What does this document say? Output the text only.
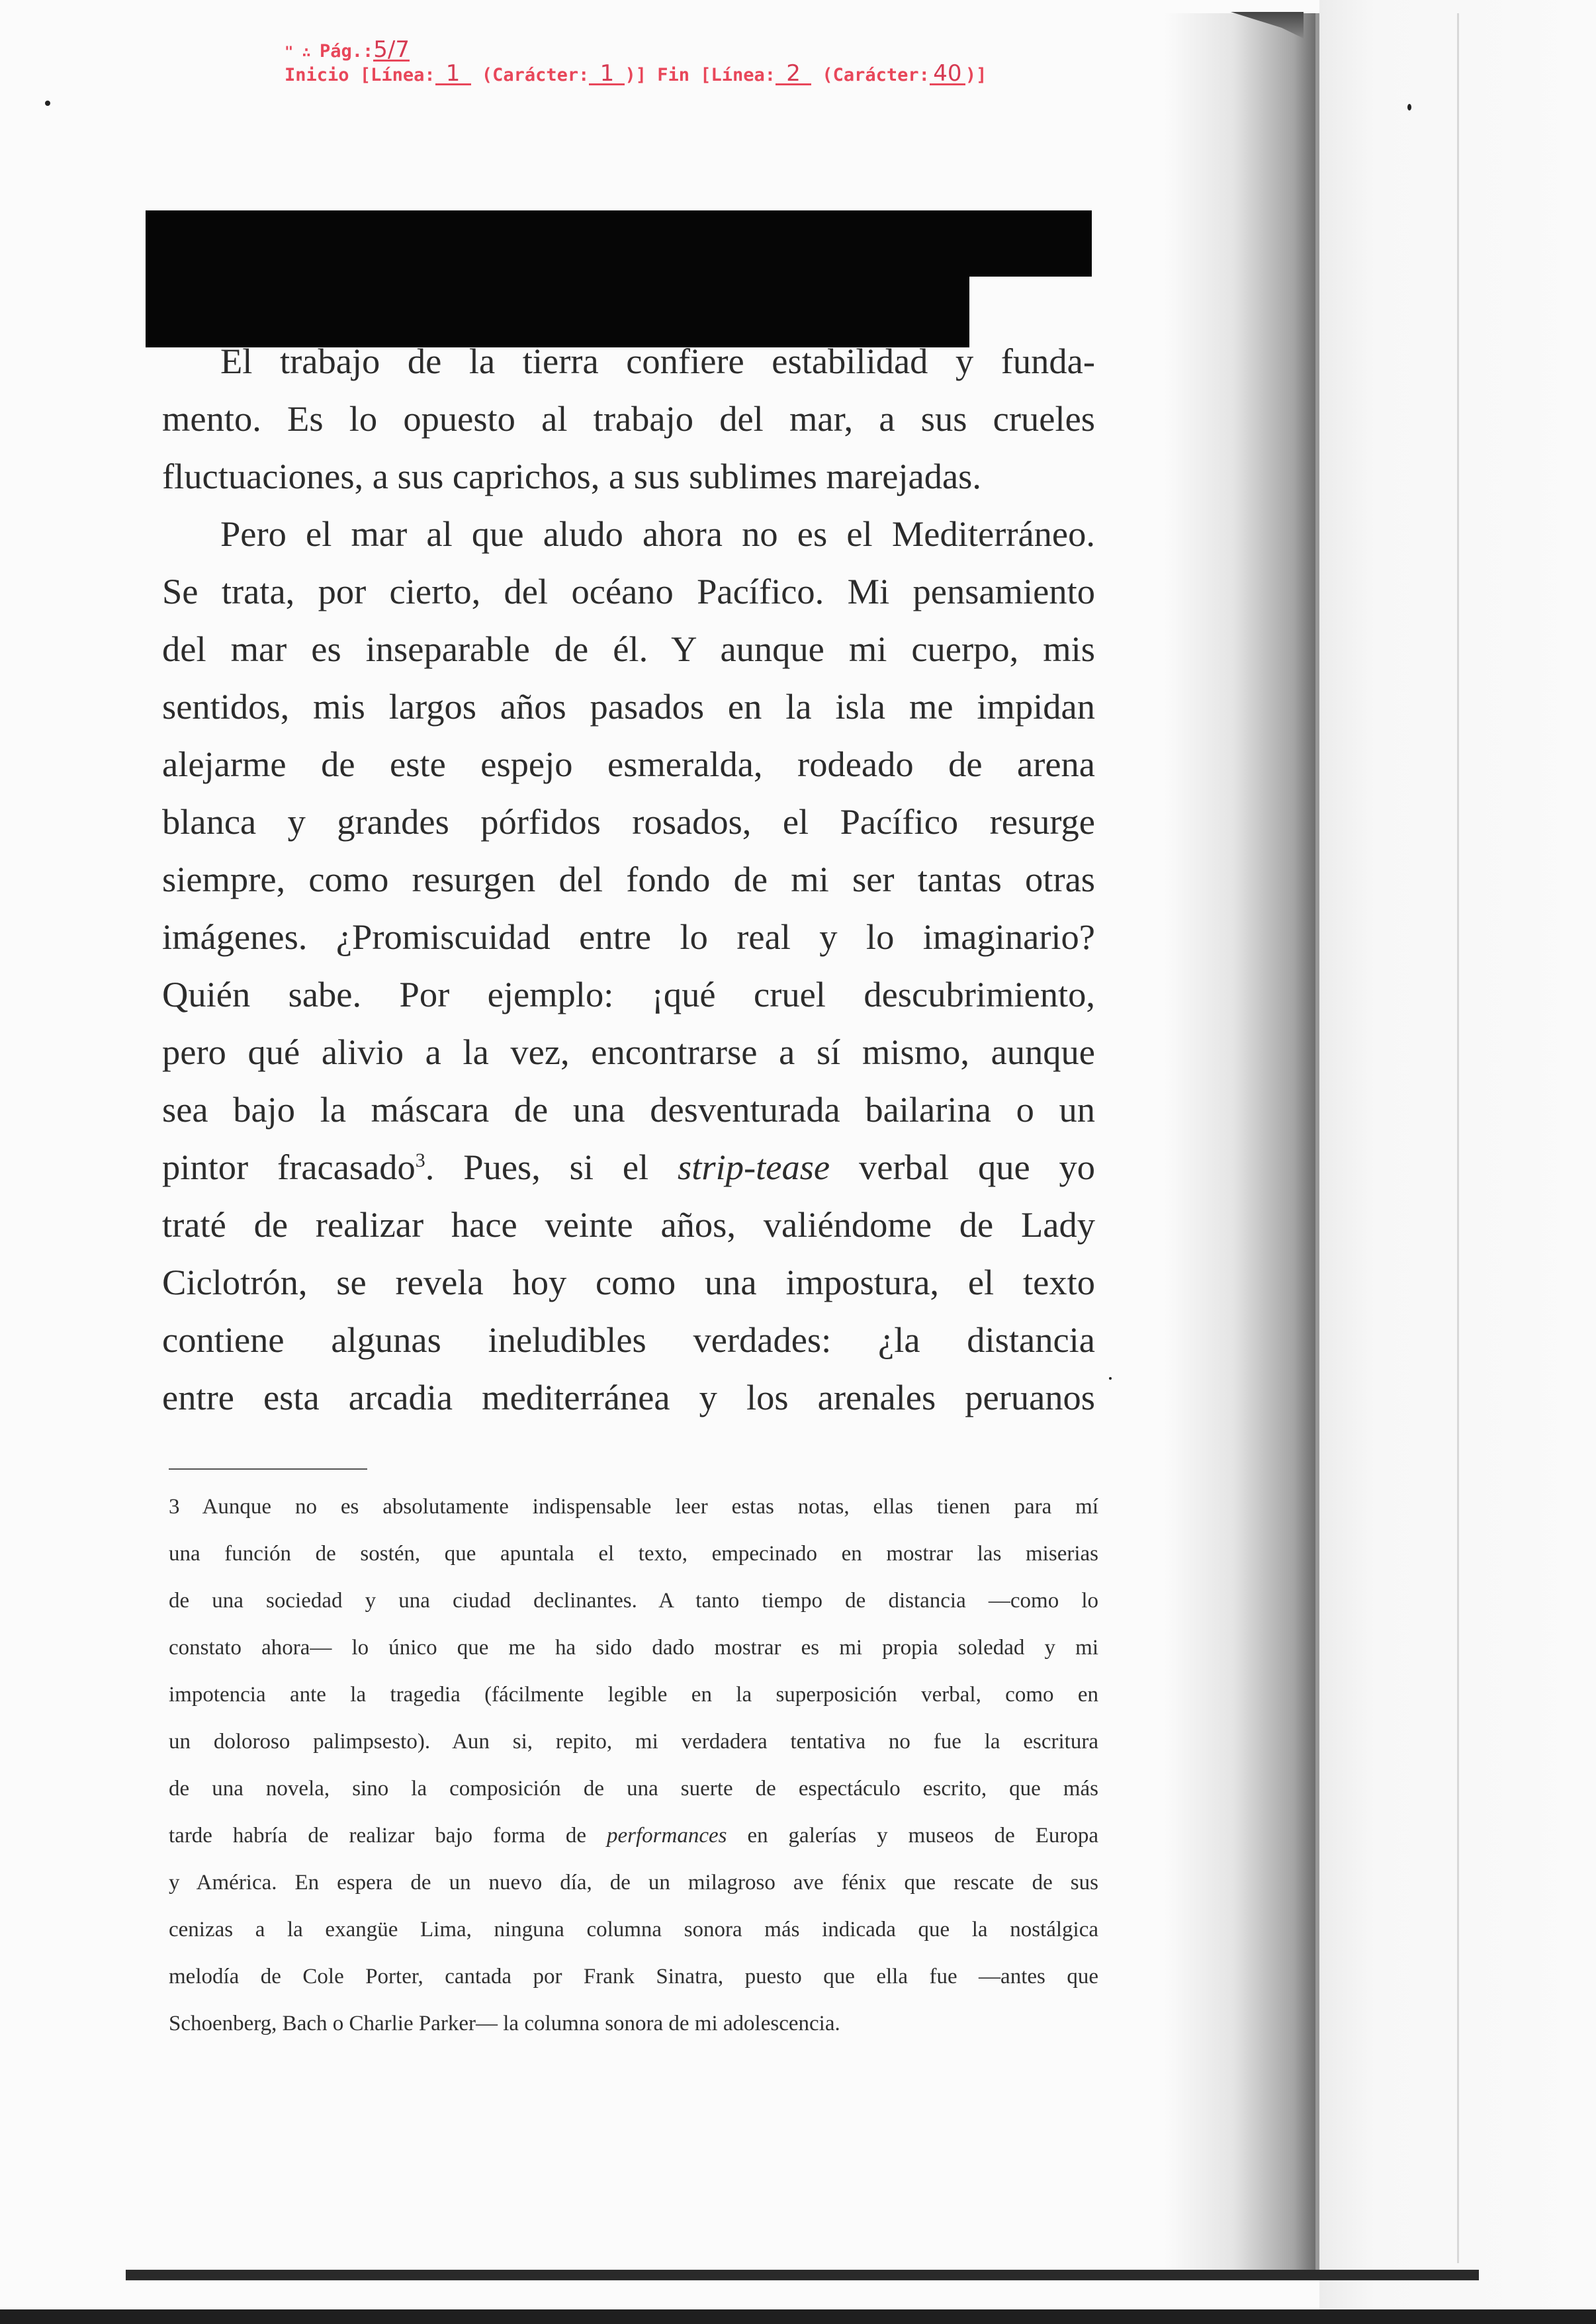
" ∴ Pág.:5/7
Inicio [Línea: 1 (Carácter: 1 )] Fin [Línea: 2 (Carácter: 40 )]
El trabajo de la tierra confiere estabilidad y funda-
mento. Es lo opuesto al trabajo del mar, a sus crueles
fluctuaciones, a sus caprichos, a sus sublimes marejadas.
Pero el mar al que aludo ahora no es el Mediterráneo.
Se trata, por cierto, del océano Pacífico. Mi pensamiento
del mar es inseparable de él. Y aunque mi cuerpo, mis
sentidos, mis largos años pasados en la isla me impidan
alejarme de este espejo esmeralda, rodeado de arena
blanca y grandes pórfidos rosados, el Pacífico resurge
siempre, como resurgen del fondo de mi ser tantas otras
imágenes. ¿Promiscuidad entre lo real y lo imaginario?
Quién sabe. Por ejemplo: ¡qué cruel descubrimiento,
pero qué alivio a la vez, encontrarse a sí mismo, aunque
sea bajo la máscara de una desventurada bailarina o un
pintor fracasado$^3$. Pues, si el strip-tease verbal que yo
traté de realizar hace veinte años, valiéndome de Lady
Ciclotrón, se revela hoy como una impostura, el texto
contiene algunas ineludibles verdades: ¿la distancia
entre esta arcadia mediterránea y los arenales peruanos
3 Aunque no es absolutamente indispensable leer estas notas, ellas tienen para mí
una función de sostén, que apuntala el texto, empecinado en mostrar las miserias
de una sociedad y una ciudad declinantes. A tanto tiempo de distancia —como lo
constato ahora— lo único que me ha sido dado mostrar es mi propia soledad y mi
impotencia ante la tragedia (fácilmente legible en la superposición verbal, como en
un doloroso palimpsesto). Aun si, repito, mi verdadera tentativa no fue la escritura
de una novela, sino la composición de una suerte de espectáculo escrito, que más
tarde habría de realizar bajo forma de performances en galerías y museos de Europa
y América. En espera de un nuevo día, de un milagroso ave fénix que rescate de sus
cenizas a la exangüe Lima, ninguna columna sonora más indicada que la nostálgica
melodía de Cole Porter, cantada por Frank Sinatra, puesto que ella fue —antes que
Schoenberg, Bach o Charlie Parker— la columna sonora de mi adolescencia.
